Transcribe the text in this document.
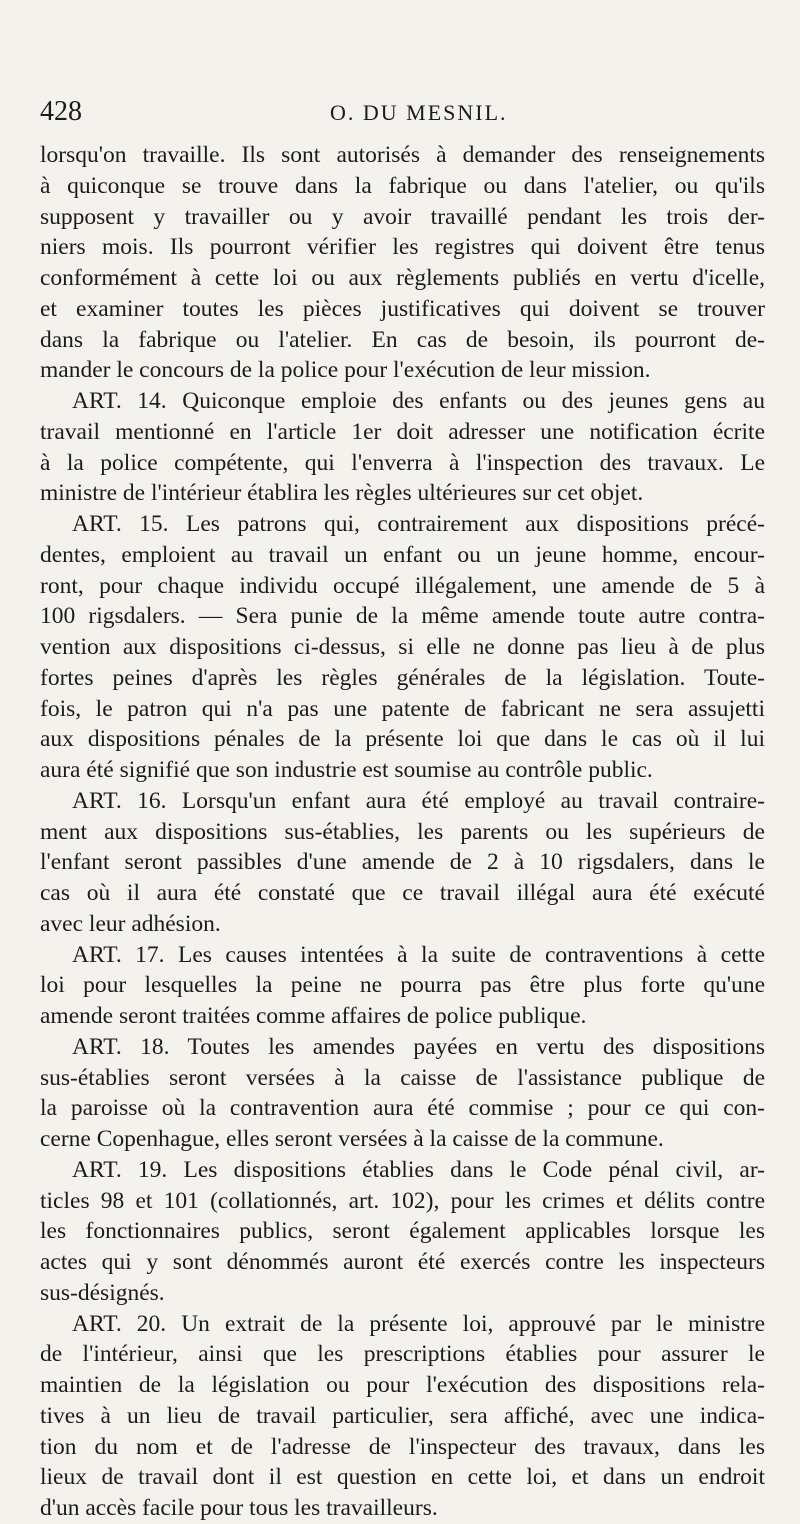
428	O. DU MESNIL.
lorsqu'on travaille. Ils sont autorisés à demander des renseignements
à quiconque se trouve dans la fabrique ou dans l'atelier, ou qu'ils
supposent y travailler ou y avoir travaillé pendant les trois der-
niers mois. Ils pourront vérifier les registres qui doivent être tenus
conformément à cette loi ou aux règlements publiés en vertu d'icelle,
et examiner toutes les pièces justificatives qui doivent se trouver
dans la fabrique ou l'atelier. En cas de besoin, ils pourront de-
mander le concours de la police pour l'exécution de leur mission.
ART. 14. Quiconque emploie des enfants ou des jeunes gens au
travail mentionné en l'article 1er doit adresser une notification écrite
à la police compétente, qui l'enverra à l'inspection des travaux. Le
ministre de l'intérieur établira les règles ultérieures sur cet objet.
ART. 15. Les patrons qui, contrairement aux dispositions précé-
dentes, emploient au travail un enfant ou un jeune homme, encour-
ront, pour chaque individu occupé illégalement, une amende de 5 à
100 rigsdalers. — Sera punie de la même amende toute autre contra-
vention aux dispositions ci-dessus, si elle ne donne pas lieu à de plus
fortes peines d'après les règles générales de la législation. Toute-
fois, le patron qui n'a pas une patente de fabricant ne sera assujetti
aux dispositions pénales de la présente loi que dans le cas où il lui
aura été signifié que son industrie est soumise au contrôle public.
ART. 16. Lorsqu'un enfant aura été employé au travail contraire-
ment aux dispositions sus-établies, les parents ou les supérieurs de
l'enfant seront passibles d'une amende de 2 à 10 rigsdalers, dans le
cas où il aura été constaté que ce travail illégal aura été exécuté
avec leur adhésion.
ART. 17. Les causes intentées à la suite de contraventions à cette
loi pour lesquelles la peine ne pourra pas être plus forte qu'une
amende seront traitées comme affaires de police publique.
ART. 18. Toutes les amendes payées en vertu des dispositions
sus-établies seront versées à la caisse de l'assistance publique de
la paroisse où la contravention aura été commise ; pour ce qui con-
cerne Copenhague, elles seront versées à la caisse de la commune.
ART. 19. Les dispositions établies dans le Code pénal civil, ar-
ticles 98 et 101 (collationnés, art. 102), pour les crimes et délits contre
les fonctionnaires publics, seront également applicables lorsque les
actes qui y sont dénommés auront été exercés contre les inspecteurs
sus-désignés.
ART. 20. Un extrait de la présente loi, approuvé par le ministre
de l'intérieur, ainsi que les prescriptions établies pour assurer le
maintien de la législation ou pour l'exécution des dispositions rela-
tives à un lieu de travail particulier, sera affiché, avec une indica-
tion du nom et de l'adresse de l'inspecteur des travaux, dans les
lieux de travail dont il est question en cette loi, et dans un endroit
d'un accès facile pour tous les travailleurs.
